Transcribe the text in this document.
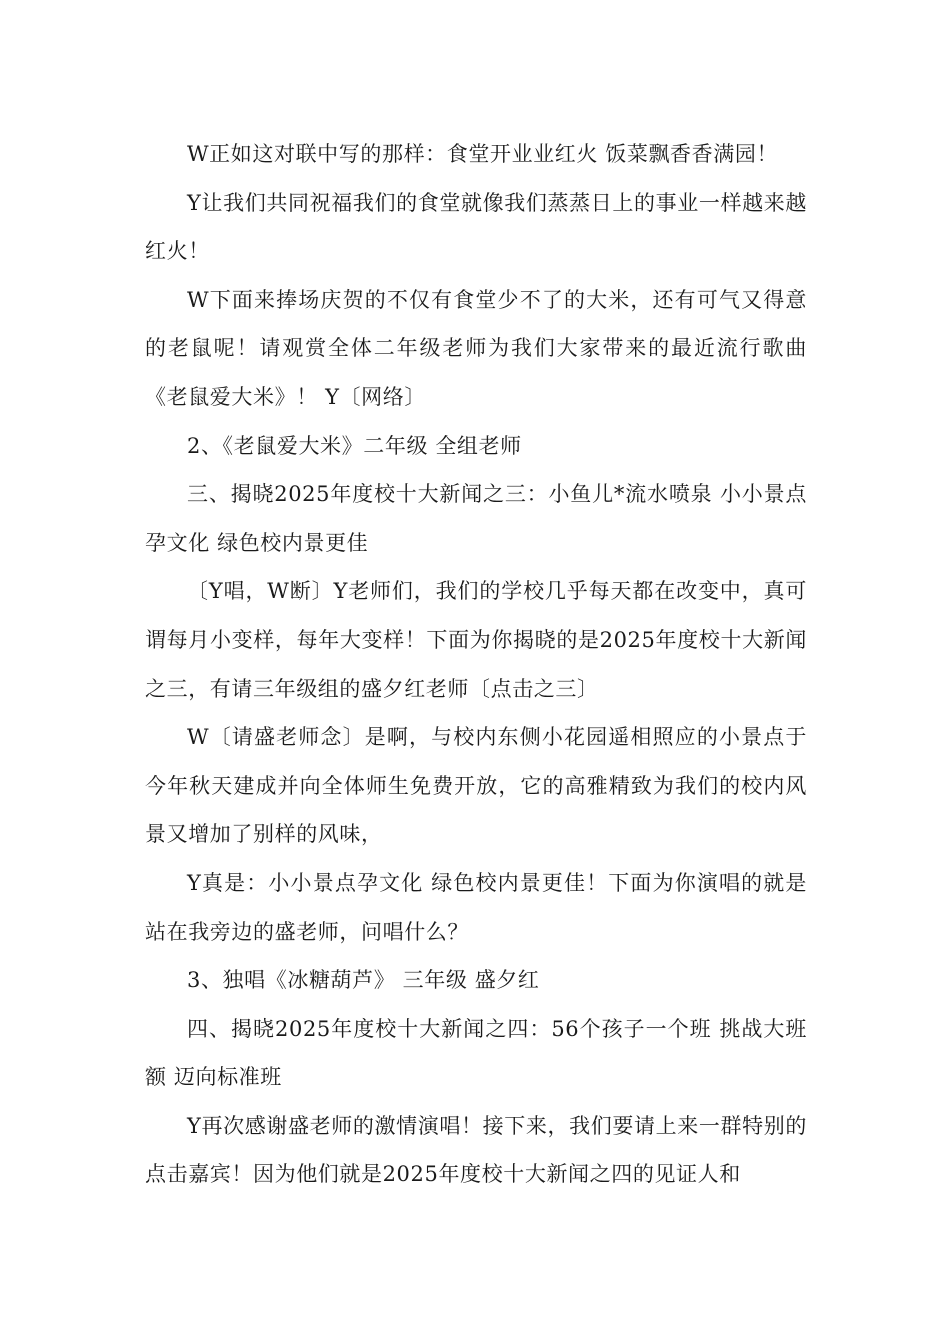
W正如这对联中写的那样：食堂开业业红火 饭菜飘香香满园！

Y让我们共同祝福我们的食堂就像我们蒸蒸日上的事业一样越来越红火！

W下面来捧场庆贺的不仅有食堂少不了的大米，还有可气又得意的老鼠呢！请观赏全体二年级老师为我们大家带来的最近流行歌曲《老鼠爱大米》！ Y〔网络〕

2、《老鼠爱大米》二年级 全组老师

三、揭晓2025年度校十大新闻之三：小鱼儿*流水喷泉 小小景点孕文化 绿色校内景更佳

〔Y唱，W断〕Y老师们，我们的学校几乎每天都在改变中，真可谓每月小变样，每年大变样！下面为你揭晓的是2025年度校十大新闻之三，有请三年级组的盛夕红老师〔点击之三〕

W〔请盛老师念〕是啊，与校内东侧小花园遥相照应的小景点于今年秋天建成并向全体师生免费开放，它的高雅精致为我们的校内风景又增加了别样的风味，

Y真是：小小景点孕文化 绿色校内景更佳！下面为你演唱的就是站在我旁边的盛老师，问唱什么？

3、独唱《冰糖葫芦》 三年级 盛夕红

四、揭晓2025年度校十大新闻之四：56个孩子一个班 挑战大班额 迈向标准班

Y再次感谢盛老师的激情演唱！接下来，我们要请上来一群特别的点击嘉宾！因为他们就是2025年度校十大新闻之四的见证人和
